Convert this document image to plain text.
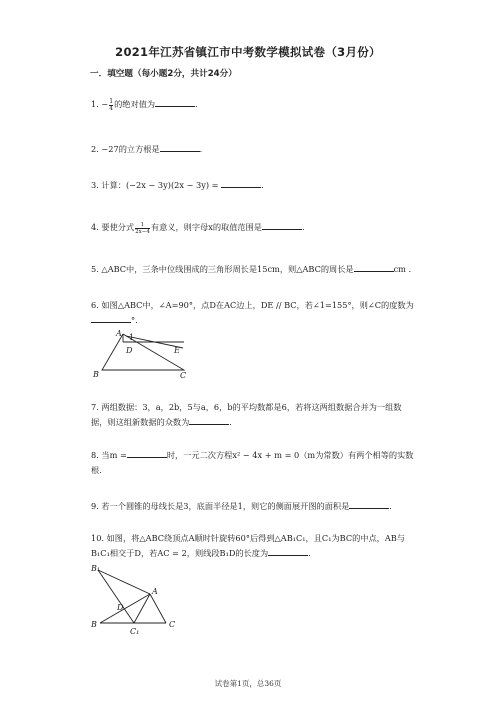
2021年江苏省镇江市中考数学模拟试卷（3月份）
一．填空题（每小题2分，共计24分）
1. − $\frac{1}{4}$ 的绝对值为	.
2. −27的立方根是	.
3. 计算：(−2x − 3y)(2x − 3y) =	.
4. 要使分式 $\frac{1}{2x-4}$ 有意义，则字母x的取值范围是	.
5. △ABC中，三条中位线围成的三角形周长是15cm，则△ABC的周长是	cm .
6. 如图△ABC中，∠A=90°，点D在AC边上，DE // BC，若∠1=155°，则∠C的度数为
°.
A 1
D	E
B	C
7. 两组数据：3，a，2b，5与a，6，b的平均数都是6，若将这两组数据合并为一组数
据，则这组新数据的众数为	.
8. 当m =	时，一元二次方程x² − 4x + m = 0（m为常数）有两个相等的实数
根.
9. 若一个圆锥的母线长是3，底面半径是1，则它的侧面展开图的面积是	.
10. 如图，将△ABC绕顶点A顺时针旋转60°后得到△AB₁C₁，且C₁为BC的中点，AB与
B₁C₁相交于D，若AC = 2，则线段B₁D的长度为	.
B₁
A
D
B
C₁
C
试卷第1页，总36页
